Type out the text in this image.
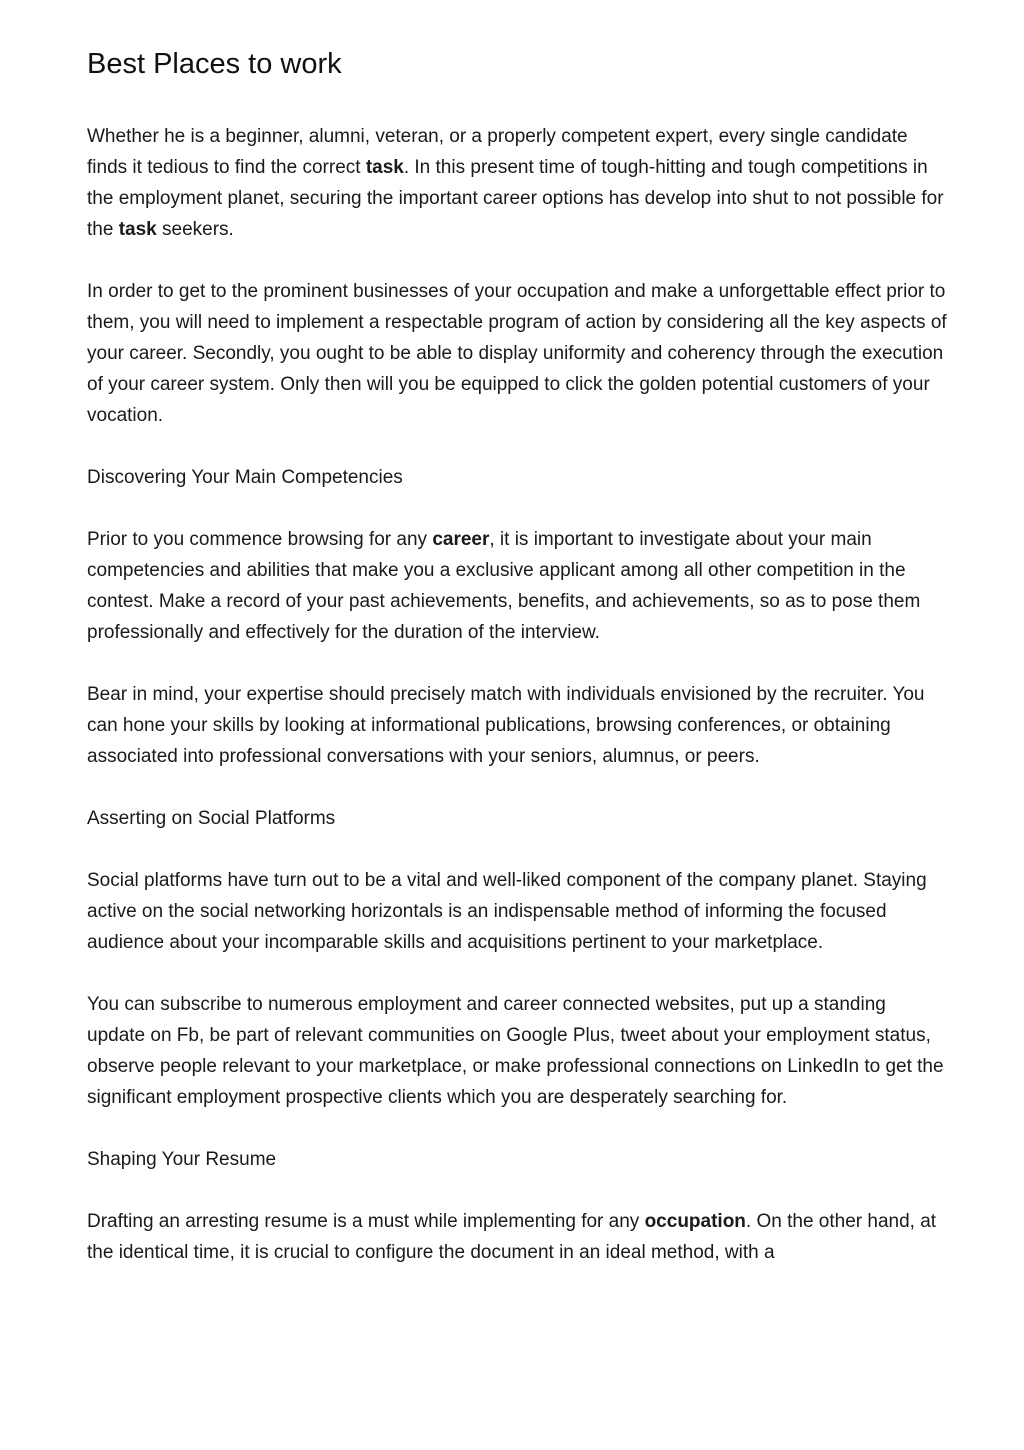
Best Places to work

Whether he is a beginner, alumni, veteran, or a properly competent expert, every single candidate finds it tedious to find the correct task. In this present time of tough-hitting and tough competitions in the employment planet, securing the important career options has develop into shut to not possible for the task seekers.

In order to get to the prominent businesses of your occupation and make a unforgettable effect prior to them, you will need to implement a respectable program of action by considering all the key aspects of your career. Secondly, you ought to be able to display uniformity and coherency through the execution of your career system. Only then will you be equipped to click the golden potential customers of your vocation.

Discovering Your Main Competencies

Prior to you commence browsing for any career, it is important to investigate about your main competencies and abilities that make you a exclusive applicant among all other competition in the contest. Make a record of your past achievements, benefits, and achievements, so as to pose them professionally and effectively for the duration of the interview.

Bear in mind, your expertise should precisely match with individuals envisioned by the recruiter. You can hone your skills by looking at informational publications, browsing conferences, or obtaining associated into professional conversations with your seniors, alumnus, or peers.

Asserting on Social Platforms

Social platforms have turn out to be a vital and well-liked component of the company planet. Staying active on the social networking horizontals is an indispensable method of informing the focused audience about your incomparable skills and acquisitions pertinent to your marketplace.

You can subscribe to numerous employment and career connected websites, put up a standing update on Fb, be part of relevant communities on Google Plus, tweet about your employment status, observe people relevant to your marketplace, or make professional connections on LinkedIn to get the significant employment prospective clients which you are desperately searching for.

Shaping Your Resume

Drafting an arresting resume is a must while implementing for any occupation. On the other hand, at the identical time, it is crucial to configure the document in an ideal method, with a
